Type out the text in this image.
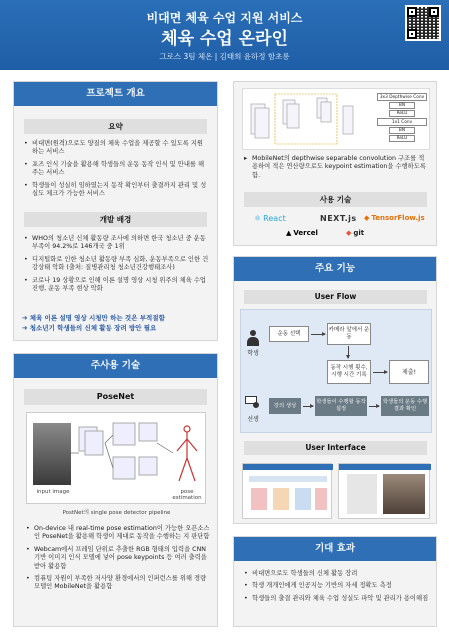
비대면 체육 수업 지원 서비스
체육 수업 온라인
그로스 3팀 체온 | 김태희 윤하정 함초롱
프로젝트 개요
요약
• 비대면(원격)으로도 양질의 체육 수업을 제공할 수 있도록 지원하는 서비스
• 포즈 인식 기술을 활용해 학생들의 운동 동작 인식 및 안내를 해주는 서비스
• 학생들이 성실히 임하였는지 동작 확인부터 출결까지 관리 및 성실도 체크가 가능한 서비스
개발 배경
• WHO의 청소년 신체 활동량 조사에 의하면 한국 청소년 중 운동 부족이 94.2%로 146개국 중 1위
• 디지털화로 인한 청소년 활동량 부족 심화, 운동부족으로 인한 건강상태 악화 (출처: 질병관리청 청소년건강행태조사)
• 코로나 19 상황으로 인해 이론 설명 영상 시청 위주의 체육 수업 진행, 운동 부족 현상 악화
➔ 체육 이론 설명 영상 시청만 하는 것은 부적절함
➔ 청소년기 학생들의 신체 활동 장려 방안 필요
주사용 기술
PoseNet
input image	pose estimation
PostNet의 single pose detector pipeline
• On-device 내 real-time pose estimation이 가능한 오픈소스인 PoseNet을 활용해 학생이 제대로 동작을 수행하는 지 판단함
• Webcam에서 프레임 단위로 추출한 RGB 형태의 입력을 CNN기반 이미지 인식 모델에 넣어 pose keypoints 등 여러 출력을 받아 활용함
• 컴퓨팅 자원이 부족한 저사양 환경에서의 인퍼런스를 위해 경량 모델인 MobileNet을 활용함
3x3 Depthwise Conv
BN
ReLU
1x1 Conv
BN
ReLU
▸ MobileNet의 depthwise separable convolution 구조를 적용하여 적은 연산량으로도 keypoint estimation을 수행하도록 함.
사용 기술
⚛ React	NEXT.js ◆ TensorFlow.js
▲ Vercel	◆ git
주요 기능
User Flow
학생
운동 선택
카메라 앞에서 운동
동작 시행 횟수, 시행 시간 기록	제출!
선생
강의 생성
학생들이 수행할 동작 설정
학생들의 운동 수행 결과 확인
User Interface
기대 효과
• 비대면으로도 학생들의 신체 활동 장려
• 학생 개개인에게 인공지능 기반의 자세 정확도 측정
• 학생들의 출결 관리와 체육 수업 성실도 파악 및 관리가 용이해짐
